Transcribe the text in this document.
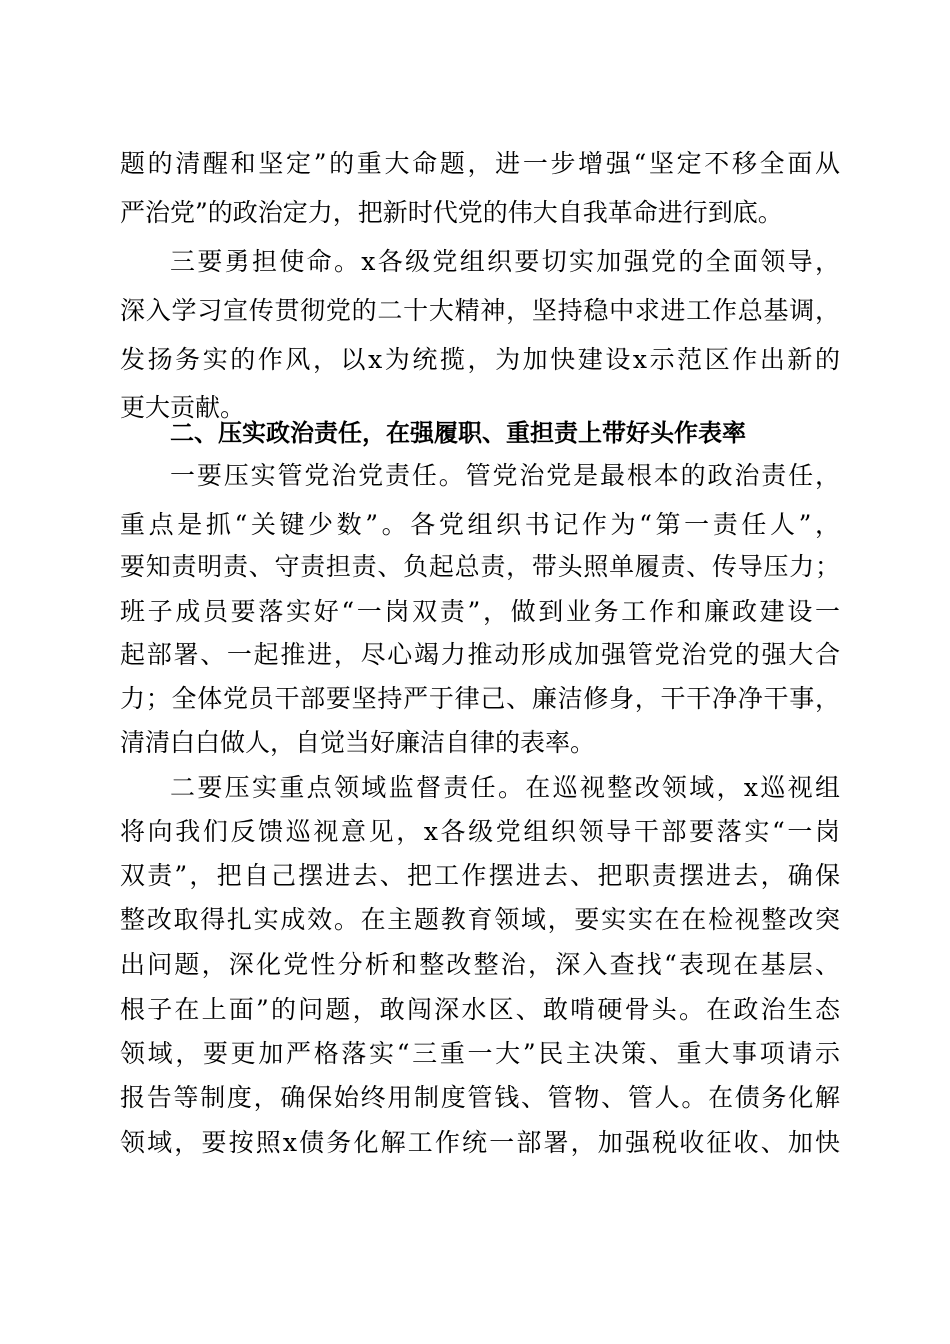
题的清醒和坚定”的重大命题，进一步增强“坚定不移全面从
严治党”的政治定力，把新时代党的伟大自我革命进行到底。
三要勇担使命。x各级党组织要切实加强党的全面领导，
深入学习宣传贯彻党的二十大精神，坚持稳中求进工作总基调，
发扬务实的作风，以x为统揽，为加快建设x示范区作出新的
更大贡献。
二、压实政治责任，在强履职、重担责上带好头作表率
一要压实管党治党责任。管党治党是最根本的政治责任，
重点是抓“关键少数”。各党组织书记作为“第一责任人”，
要知责明责、守责担责、负起总责，带头照单履责、传导压力；
班子成员要落实好“一岗双责”，做到业务工作和廉政建设一
起部署、一起推进，尽心竭力推动形成加强管党治党的强大合
力；全体党员干部要坚持严于律己、廉洁修身，干干净净干事，
清清白白做人，自觉当好廉洁自律的表率。
二要压实重点领域监督责任。在巡视整改领域，x巡视组
将向我们反馈巡视意见，x各级党组织领导干部要落实“一岗
双责”，把自己摆进去、把工作摆进去、把职责摆进去，确保
整改取得扎实成效。在主题教育领域，要实实在在检视整改突
出问题，深化党性分析和整改整治，深入查找“表现在基层、
根子在上面”的问题，敢闯深水区、敢啃硬骨头。在政治生态
领域，要更加严格落实“三重一大”民主决策、重大事项请示
报告等制度，确保始终用制度管钱、管物、管人。在债务化解
领域，要按照x债务化解工作统一部署，加强税收征收、加快
